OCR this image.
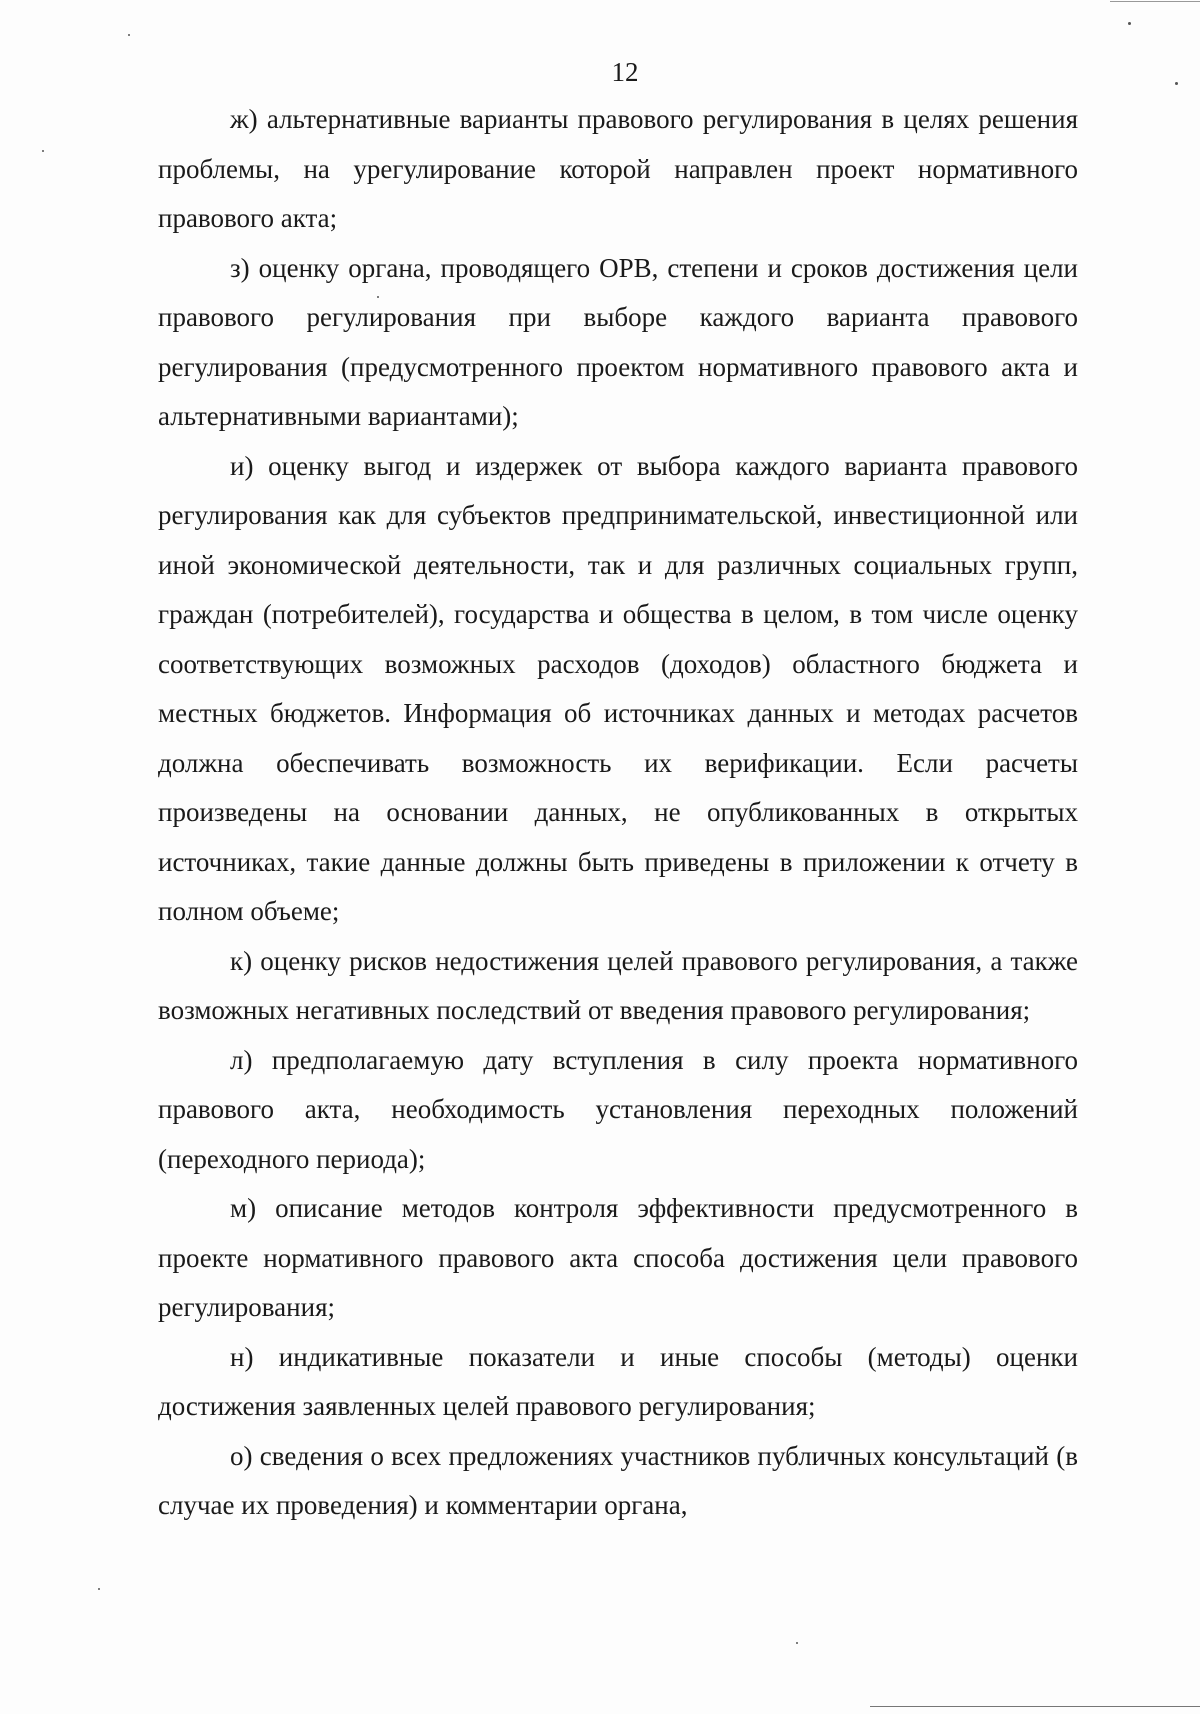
12

ж) альтернативные варианты правового регулирования в целях решения проблемы, на урегулирование которой направлен проект нормативного правового акта;

з) оценку органа, проводящего ОРВ, степени и сроков достижения цели правового регулирования при выборе каждого варианта правового регулирования (предусмотренного проектом нормативного правового акта и альтернативными вариантами);

и) оценку выгод и издержек от выбора каждого варианта правового регулирования как для субъектов предпринимательской, инвестиционной или иной экономической деятельности, так и для различных социальных групп, граждан (потребителей), государства и общества в целом, в том числе оценку соответствующих возможных расходов (доходов) областного бюджета и местных бюджетов. Информация об источниках данных и методах расчетов должна обеспечивать возможность их верификации. Если расчеты произведены на основании данных, не опубликованных в открытых источниках, такие данные должны быть приведены в приложении к отчету в полном объеме;

к) оценку рисков недостижения целей правового регулирования, а также возможных негативных последствий от введения правового регулирования;

л) предполагаемую дату вступления в силу проекта нормативного правового акта, необходимость установления переходных положений (переходного периода);

м) описание методов контроля эффективности предусмотренного в проекте нормативного правового акта способа достижения цели правового регулирования;

н) индикативные показатели и иные способы (методы) оценки достижения заявленных целей правового регулирования;

о) сведения о всех предложениях участников публичных консультаций (в случае их проведения) и комментарии органа,
